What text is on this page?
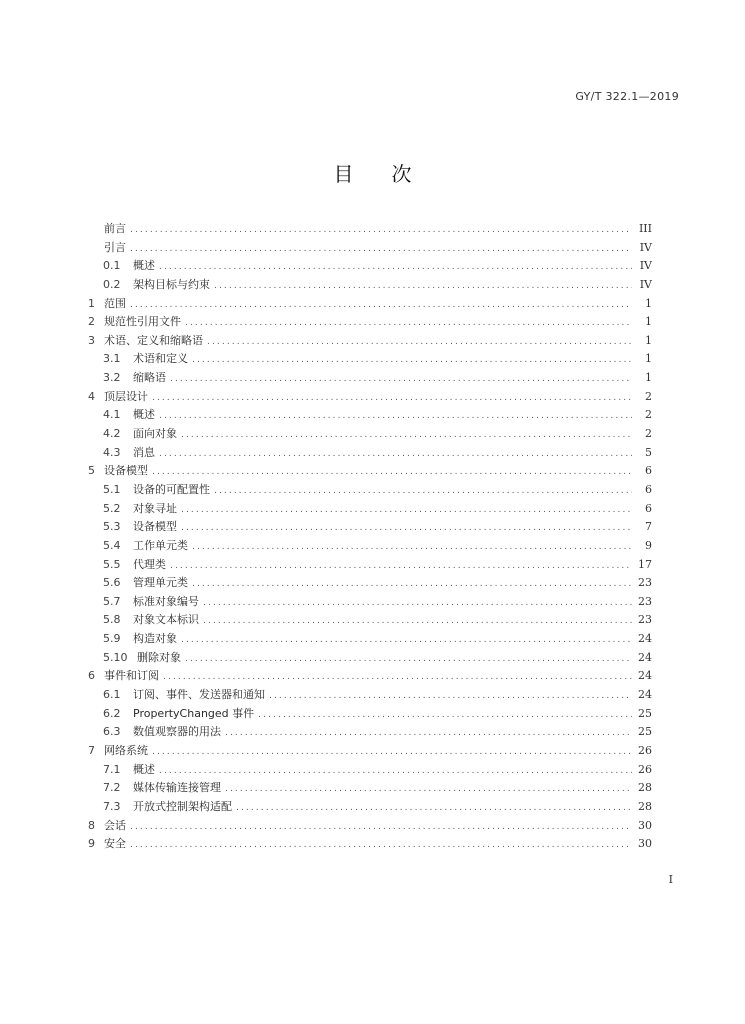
GY/T 322.1—2019
目次
前言 .....	III
引言 .....	IV
0.1	概述 .....	IV
0.2	架构目标与约束 .....	IV
1 范围 .....	1
2 规范性引用文件 .....	1
3 术语、定义和缩略语 .....	1
3.1	术语和定义 .....	1
3.2	缩略语 .....	1
4 顶层设计 .....	2
4.1	概述 .....	2
4.2	面向对象 .....	2
4.3	消息 .....	5
5 设备模型 .....	6
5.1	设备的可配置性 .....	6
5.2	对象寻址 .....	6
5.3	设备模型 .....	7
5.4	工作单元类 .....	9
5.5	代理类 .....	17
5.6	管理单元类 .....	23
5.7	标准对象编号 .....	23
5.8	对象文本标识 .....	23
5.9	构造对象 .....	24
5.10 删除对象 .....	24
6 事件和订阅 .....	24
6.1	订阅、事件、发送器和通知 .....	24
6.2	PropertyChanged 事件 .....	25
6.3	数值观察器的用法 .....	25
7 网络系统 .....	26
7.1	概述 .....	26
7.2	媒体传输连接管理 .....	28
7.3	开放式控制架构适配 .....	28
8 会话 .....	30
9 安全 .....	30
I
